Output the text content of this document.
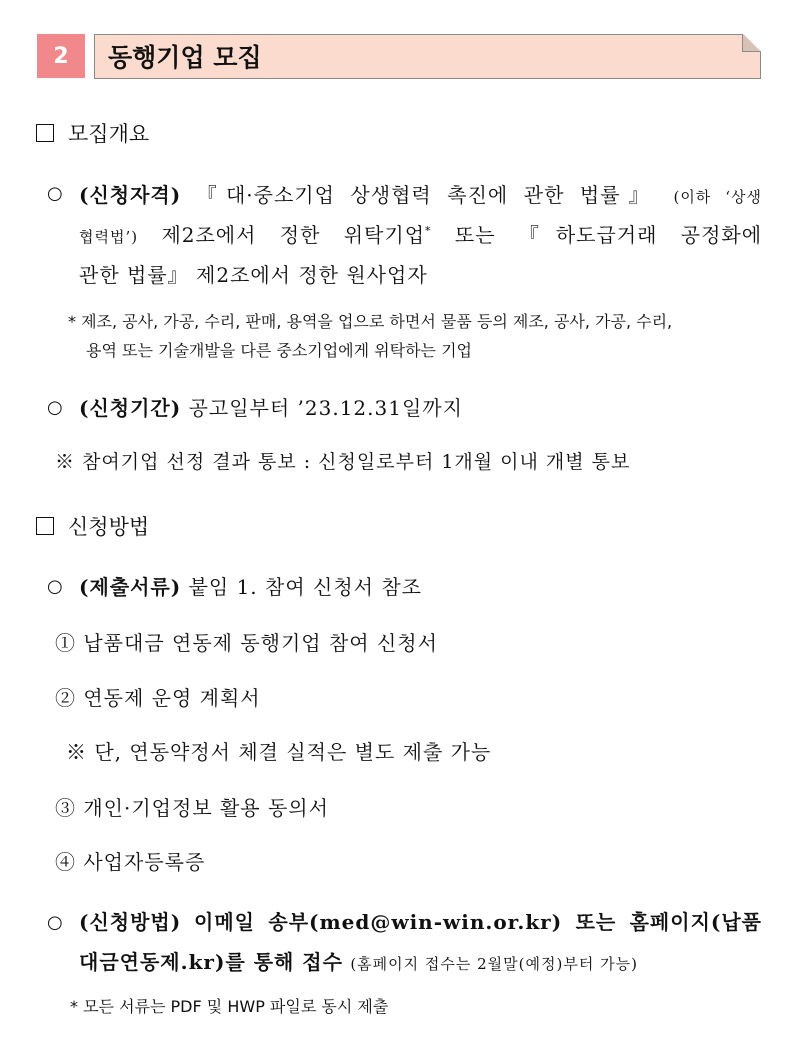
2 동행기업 모집
모집개요
○ (신청자격) 『대·중소기업 상생협력 촉진에 관한 법률』 (이하 ‘상생
협력법’) 제2조에서 정한 위탁기업* 또는 『하도급거래 공정화에
관한 법률』 제2조에서 정한 원사업자
* 제조, 공사, 가공, 수리, 판매, 용역을 업으로 하면서 물품 등의 제조, 공사, 가공, 수리,
용역 또는 기술개발을 다른 중소기업에게 위탁하는 기업
○ (신청기간) 공고일부터 ’23.12.31일까지
※ 참여기업 선정 결과 통보 : 신청일로부터 1개월 이내 개별 통보
신청방법
○ (제출서류) 붙임 1. 참여 신청서 참조
① 납품대금 연동제 동행기업 참여 신청서
② 연동제 운영 계획서
※ 단, 연동약정서 체결 실적은 별도 제출 가능
③ 개인·기업정보 활용 동의서
④ 사업자등록증
○ (신청방법) 이메일 송부(med@win-win.or.kr) 또는 홈페이지(납품
대금연동제.kr)를 통해 접수 (홈페이지 접수는 2월말(예정)부터 가능)
* 모든 서류는 PDF 및 HWP 파일로 동시 제출
